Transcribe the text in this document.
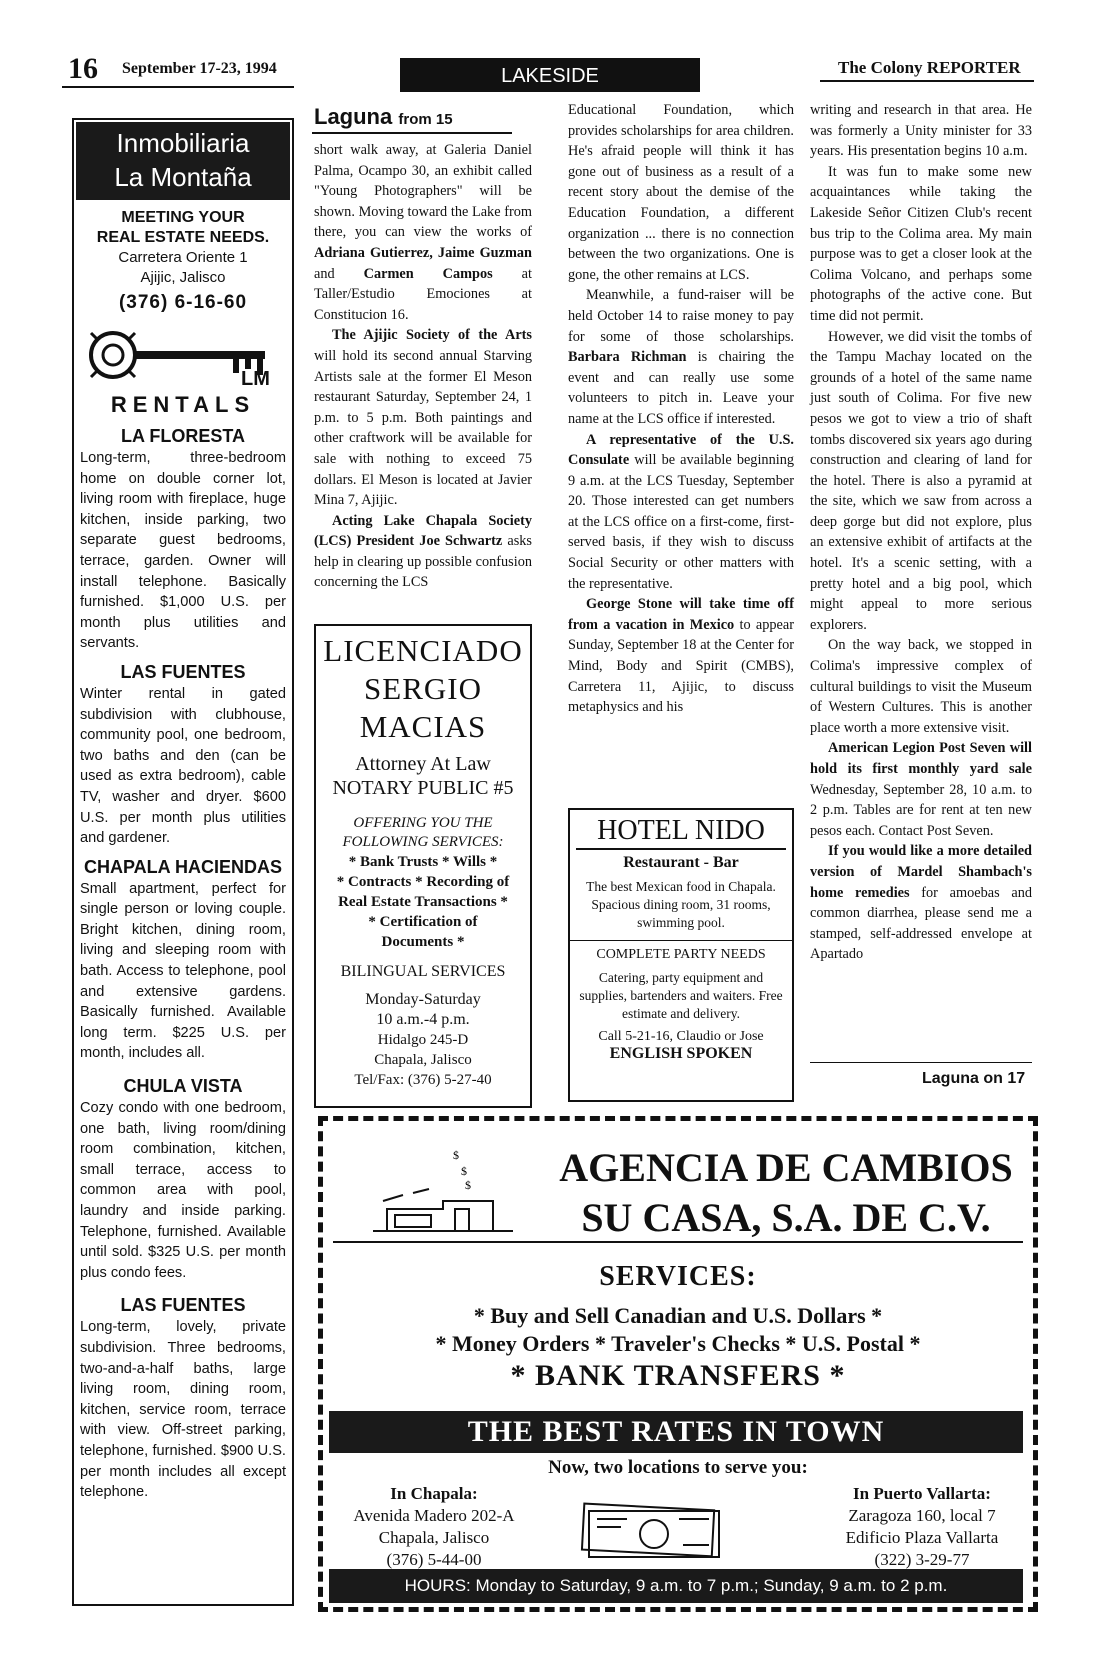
16 September 17-23, 1994	LAKESIDE	The Colony REPORTER
Inmobiliaria
La Montaña
MEETING YOUR
REAL ESTATE NEEDS.
Carretera Oriente 1
Ajijic, Jalisco
(376) 6-16-60
LM
RENTALS
LA FLORESTA

Long-term, three-bedroom home on double corner lot, living room with fireplace, huge kitchen, inside parking, two separate guest bedrooms, terrace, garden. Owner will install telephone. Basically furnished. $1,000 U.S. per month plus utilities and servants.

LAS FUENTES

Winter rental in gated subdivision with clubhouse, community pool, one bedroom, two baths and den (can be used as extra bedroom), cable TV, washer and dryer. $600 U.S. per month plus utilities and gardener.

CHAPALA HACIENDAS

Small apartment, perfect for single person or loving couple. Bright kitchen, dining room, living and sleeping room with bath. Access to telephone, pool and extensive gardens. Basically furnished. Available long term. $225 U.S. per month, includes all.

CHULA VISTA

Cozy condo with one bedroom, one bath, living room/dining room combination, kitchen, small terrace, access to common area with pool, laundry and inside parking. Telephone, furnished. Available until sold. $325 U.S. per month plus condo fees.

LAS FUENTES

Long-term, lovely, private subdivision. Three bedrooms, two-and-a-half baths, large living room, dining room, kitchen, service room, terrace with view. Off-street parking, telephone, furnished. $900 U.S. per month includes all except telephone.

Laguna from 15

short walk away, at Galeria Daniel Palma, Ocampo 30, an exhibit called "Young Photographers" will be shown. Moving toward the Lake from there, you can view the works of Adriana Gutierrez, Jaime Guzman and Carmen Campos at Taller/Estudio Emociones at Constitucion 16.

The Ajijic Society of the Arts will hold its second annual Starving Artists sale at the former El Meson restaurant Saturday, September 24, 1 p.m. to 5 p.m. Both paintings and other craftwork will be available for sale with nothing to exceed 75 dollars. El Meson is located at Javier Mina 7, Ajijic.

Acting Lake Chapala Society (LCS) President Joe Schwartz asks help in clearing up possible confusion concerning the LCS

LICENCIADO
SERGIO
MACIAS
Attorney At Law
NOTARY PUBLIC #5
OFFERING YOU THE
FOLLOWING SERVICES:
* Bank Trusts * Wills *
* Contracts * Recording of
Real Estate Transactions *
* Certification of
Documents *
BILINGUAL SERVICES
Monday-Saturday
10 a.m.-4 p.m.
Hidalgo 245-D
Chapala, Jalisco
Tel/Fax: (376) 5-27-40

Educational Foundation, which provides scholarships for area children. He's afraid people will think it has gone out of business as a result of a recent story about the demise of the Education Foundation, a different organization ... there is no connection between the two organizations. One is gone, the other remains at LCS.

Meanwhile, a fund-raiser will be held October 14 to raise money to pay for some of those scholarships. Barbara Richman is chairing the event and can really use some volunteers to pitch in. Leave your name at the LCS office if interested.

A representative of the U.S. Consulate will be available beginning 9 a.m. at the LCS Tuesday, September 20. Those interested can get numbers at the LCS office on a first-come, first-served basis, if they wish to discuss Social Security or other matters with the representative.

George Stone will take time off from a vacation in Mexico to appear Sunday, September 18 at the Center for Mind, Body and Spirit (CMBS), Carretera 11, Ajijic, to discuss metaphysics and his

HOTEL NIDO
Restaurant - Bar
The best Mexican food in Chapala. Spacious dining room, 31 rooms, swimming pool.
COMPLETE PARTY NEEDS
Catering, party equipment and supplies, bartenders and waiters. Free estimate and delivery.
Call 5-21-16, Claudio or Jose
ENGLISH SPOKEN

writing and research in that area. He was formerly a Unity minister for 33 years. His presentation begins 10 a.m.

It was fun to make some new acquaintances while taking the Lakeside Señor Citizen Club's recent bus trip to the Colima area. My main purpose was to get a closer look at the Colima Volcano, and perhaps some photographs of the active cone. But time did not permit.

However, we did visit the tombs of the Tampu Machay located on the grounds of a hotel of the same name just south of Colima. For five new pesos we got to view a trio of shaft tombs discovered six years ago during construction and clearing of land for the hotel. There is also a pyramid at the site, which we saw from across a deep gorge but did not explore, plus an extensive exhibit of artifacts at the hotel. It's a scenic setting, with a pretty hotel and a big pool, which might appeal to more serious explorers.

On the way back, we stopped in Colima's impressive complex of cultural buildings to visit the Museum of Western Cultures. This is another place worth a more extensive visit.

American Legion Post Seven will hold its first monthly yard sale Wednesday, September 28, 10 a.m. to 2 p.m. Tables are for rent at ten new pesos each. Contact Post Seven.

If you would like a more detailed version of Mardel Shambach's home remedies for amoebas and common diarrhea, please send me a stamped, self-addressed envelope at Apartado

Laguna on 17
$
$
$ AGENCIA DE CAMBIOS
SU CASA, S.A. DE C.V.
SERVICES:
* Buy and Sell Canadian and U.S. Dollars *
* Money Orders * Traveler's Checks * U.S. Postal *
* BANK TRANSFERS *
THE BEST RATES IN TOWN
Now, two locations to serve you:
In Chapala:
Avenida Madero 202-A
Chapala, Jalisco
(376) 5-44-00
In Puerto Vallarta:
Zaragoza 160, local 7
Edificio Plaza Vallarta
(322) 3-29-77
HOURS: Monday to Saturday, 9 a.m. to 7 p.m.; Sunday, 9 a.m. to 2 p.m.
